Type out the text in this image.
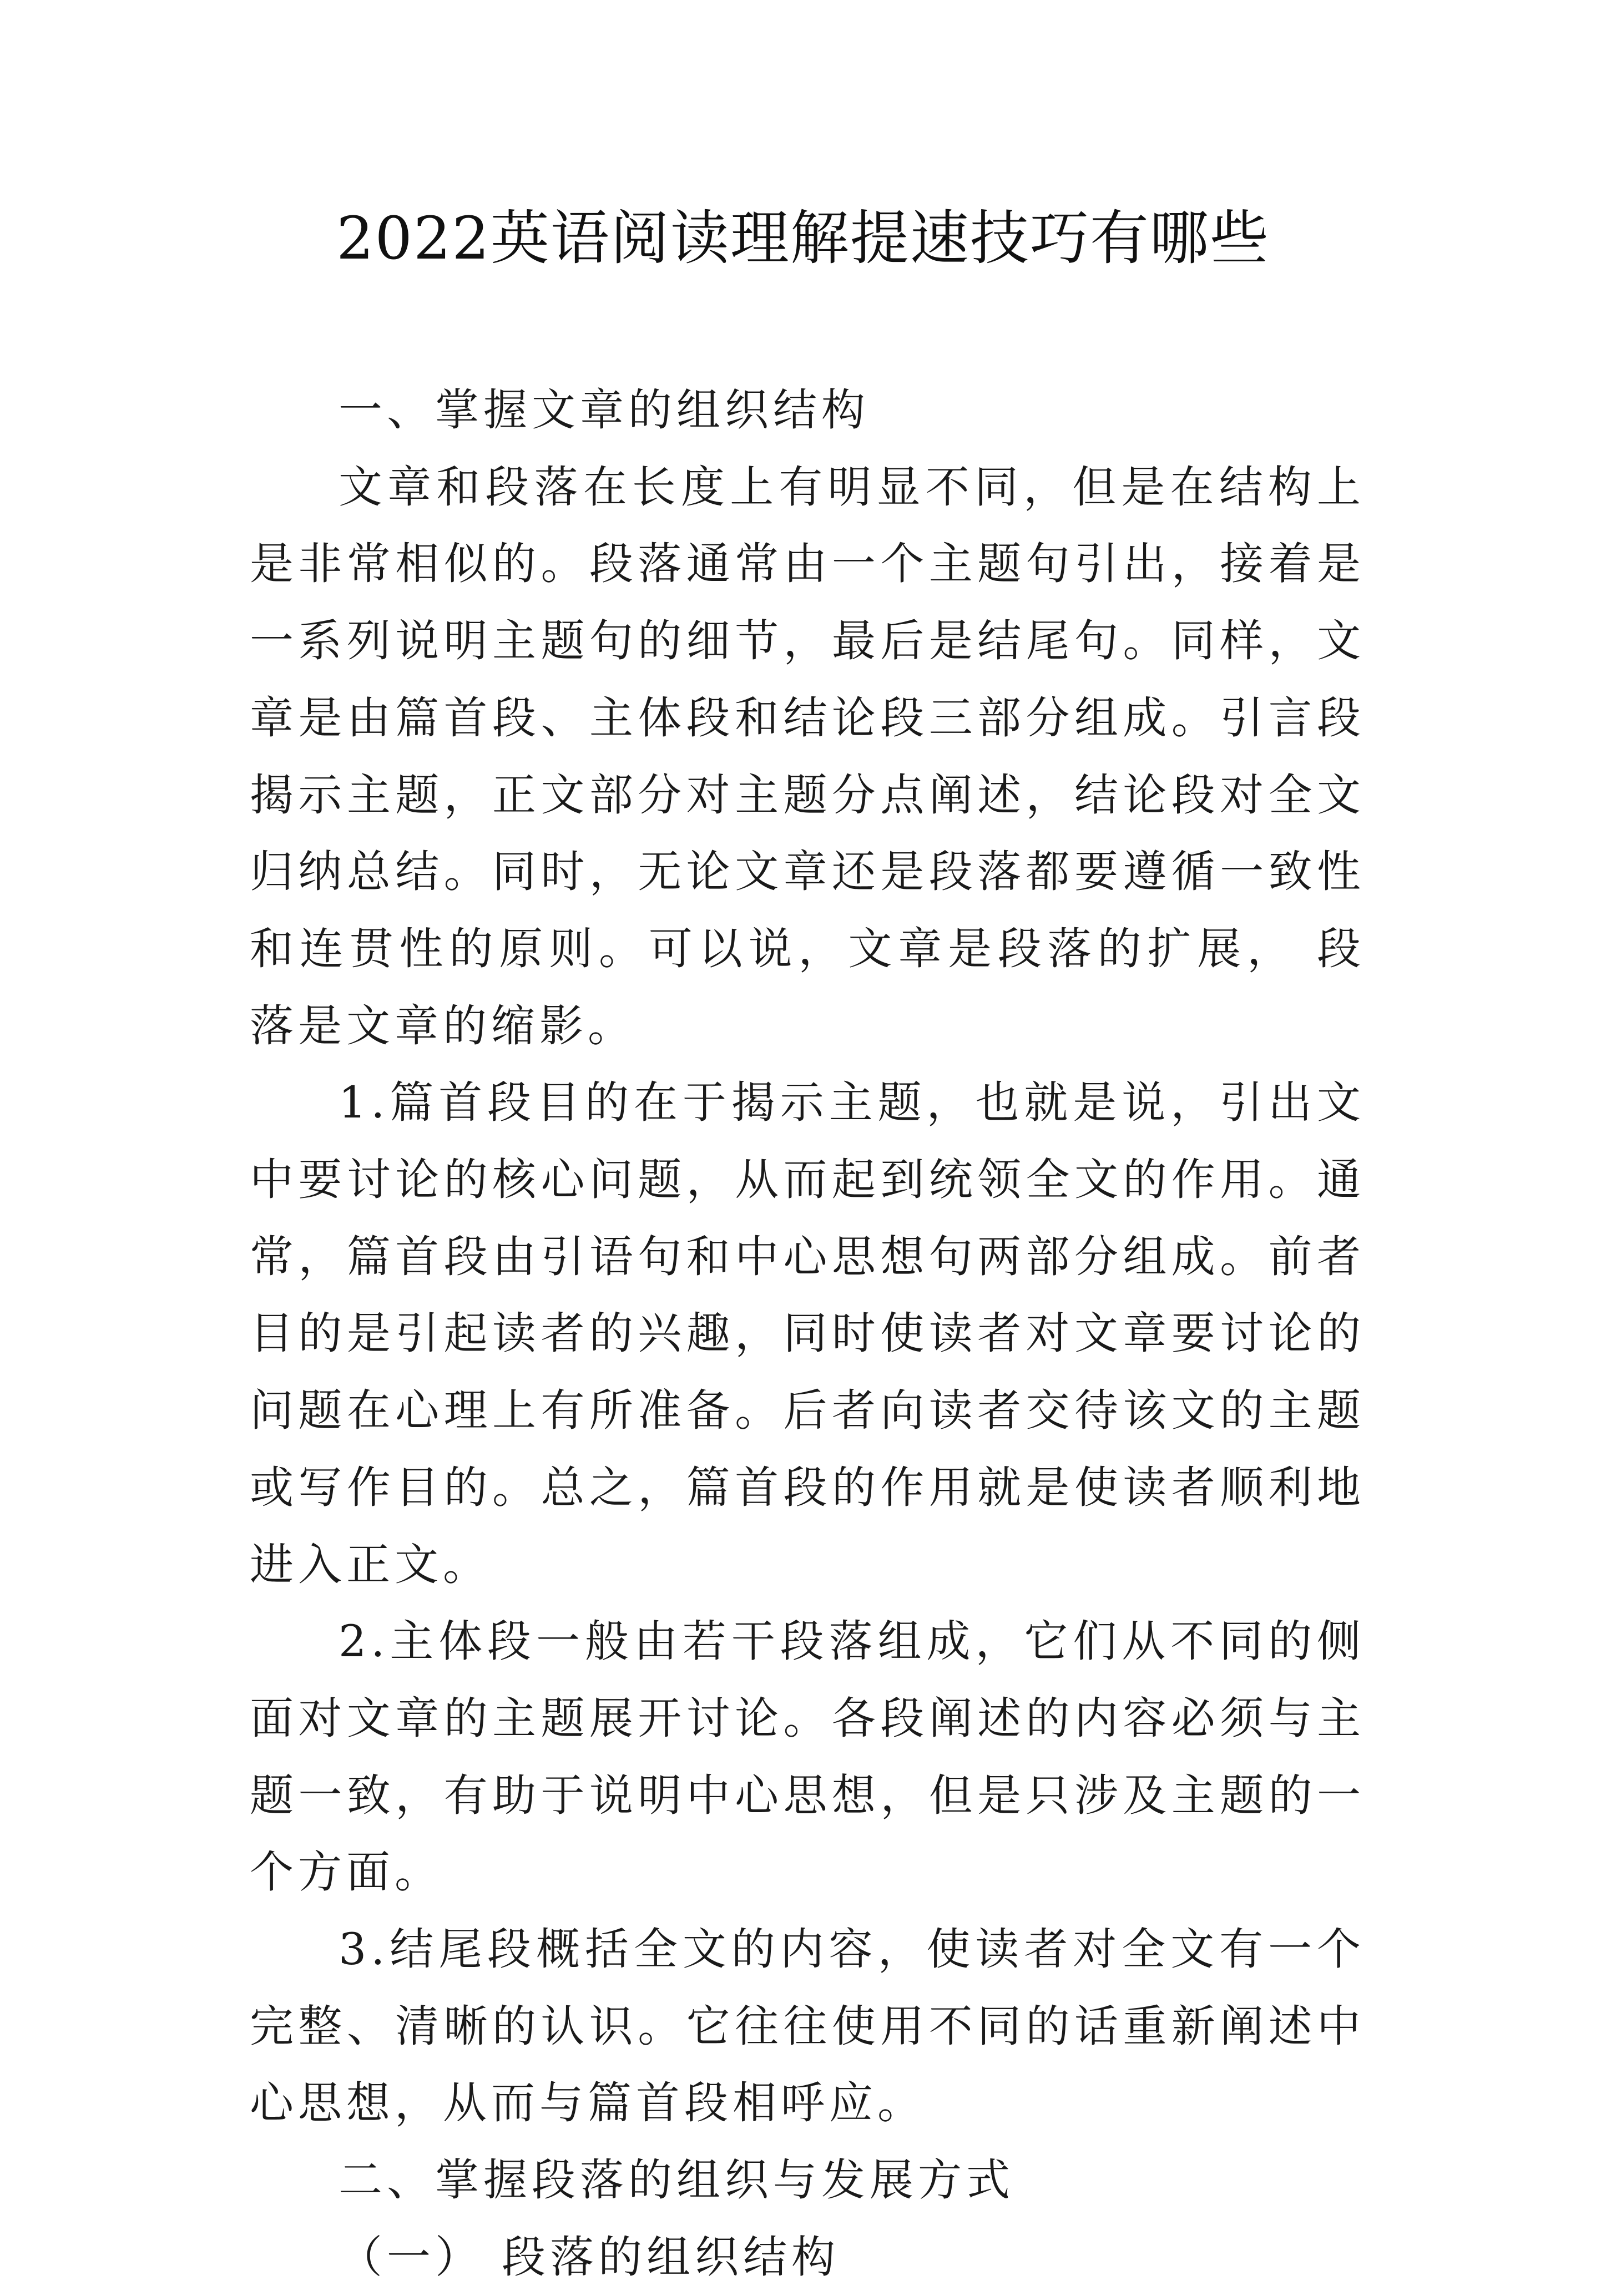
2022英语阅读理解提速技巧有哪些

一、掌握文章的组织结构

文章和段落在长度上有明显不同，但是在结构上是非常相似的。段落通常由一个主题句引出，接着是一系列说明主题句的细节，最后是结尾句。同样，文章是由篇首段、主体段和结论段三部分组成。引言段揭示主题，正文部分对主题分点阐述，结论段对全文归纳总结。同时，无论文章还是段落都要遵循一致性和连贯性的原则。可以说，文章是段落的扩展， 段落是文章的缩影。

1.篇首段目的在于揭示主题，也就是说，引出文中要讨论的核心问题，从而起到统领全文的作用。通常，篇首段由引语句和中心思想句两部分组成。前者目的是引起读者的兴趣，同时使读者对文章要讨论的问题在心理上有所准备。后者向读者交待该文的主题或写作目的。总之，篇首段的作用就是使读者顺利地进入正文。

2.主体段一般由若干段落组成，它们从不同的侧面对文章的主题展开讨论。各段阐述的内容必须与主题一致，有助于说明中心思想，但是只涉及主题的一个方面。

3.结尾段概括全文的内容，使读者对全文有一个完整、清晰的认识。它往往使用不同的话重新阐述中心思想，从而与篇首段相呼应。

二、掌握段落的组织与发展方式

（一） 段落的组织结构
